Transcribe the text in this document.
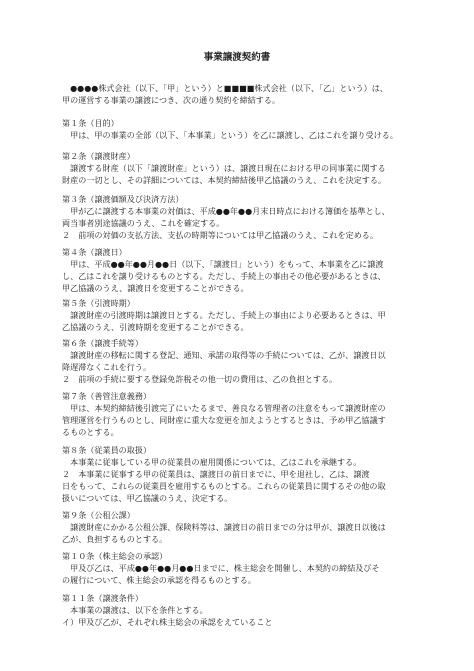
事業譲渡契約書
　●●●●株式会社（以下、「甲」という）と■■■■株式会社（以下、「乙」という）は、
甲の運営する事業の譲渡につき、次の通り契約を締結する。
第１条（目的）
　甲は、甲の事業の全部（以下、「本事業」という）を乙に譲渡し、乙はこれを譲り受ける。
第２条（譲渡財産）
　譲渡する財産（以下「譲渡財産」という）は、譲渡日現在における甲の同事業に関する
財産の一切とし、その詳細については、本契約締結後甲乙協議のうえ、これを決定する。
第３条（譲渡価額及び決済方法）
　甲が乙に譲渡する本事業の対価は、平成●●年●●月末日時点における簿価を基準とし、
両当事者別途協議のうえ、これを確定する。
２　前項の対価の支払方法、支払の時期等については甲乙協議のうえ、これを定める。
第４条（譲渡日）
　甲は、平成●●年●●月●●日（以下、「譲渡日」という）をもって、本事業を乙に譲渡
し、乙はこれを譲り受けるものとする。ただし、手続上の事由その他必要があるときは、
甲乙協議のうえ、譲渡日を変更することができる。
第５条（引渡時期）
　譲渡財産の引渡時期は譲渡日とする。ただし、手続上の事由により必要あるときは、甲
乙協議のうえ、引渡時期を変更することができる。
第６条（譲渡手続等）
　譲渡財産の移転に関する登記、通知、承諾の取得等の手続については、乙が、譲渡日以
降遅滞なくこれを行う。
２　前項の手続に要する登録免許税その他一切の費用は、乙の負担とする。
第７条（善管注意義務）
　甲は、本契約締結後引渡完了にいたるまで、善良なる管理者の注意をもって譲渡財産の
管理運営を行うものとし、同財産に重大な変更を加えようとするときは、予め甲乙協議す
るものとする。
第８条（従業員の取扱）
　本事業に従事している甲の従業員の雇用関係については、乙はこれを承継する。
２　本事業に従事する甲の従業員は、譲渡日の前日までに、甲を退社し、乙は、譲渡
日をもって、これらの従業員を雇用するものとする。これらの従業員に関するその他の取
扱いについては、甲乙協議のうえ、決定する。
第９条（公租公課）
　譲渡財産にかかる公租公課、保険料等は、譲渡日の前日までの分は甲が、譲渡日以後は
乙が、負担するものとする。
第１０条（株主総会の承認）
　甲及び乙は、平成●●年●●月●●日までに、株主総会を開催し、本契約の締結及びそ
の履行について、株主総会の承認を得るものとする。
第１１条（譲渡条件）
　本事業の譲渡は、以下を条件とする。
イ）甲及び乙が、それぞれ株主総会の承認をえていること
